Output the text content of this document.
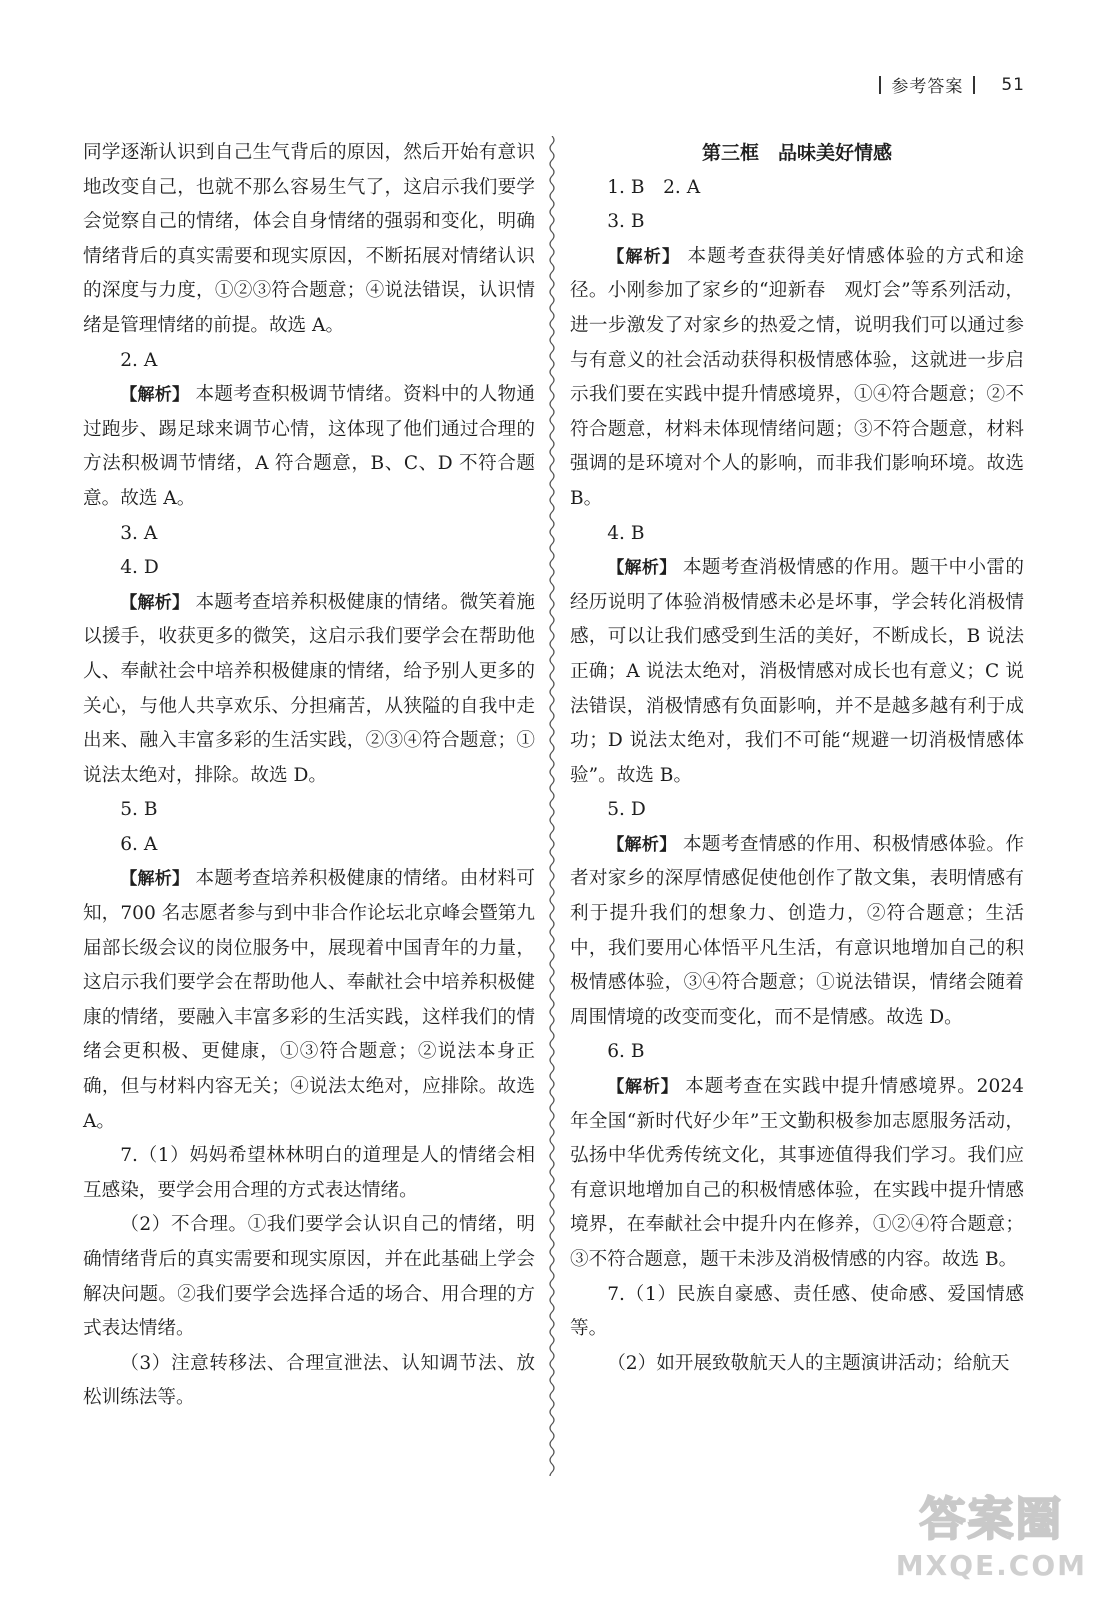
参考答案 51

同学逐渐认识到自己生气背后的原因，然后开始有意识地改变自己，也就不那么容易生气了，这启示我们要学会觉察自己的情绪，体会自身情绪的强弱和变化，明确情绪背后的真实需要和现实原因，不断拓展对情绪认识的深度与力度，①②③符合题意；④说法错误，认识情绪是管理情绪的前提。故选 A。

2. A

【解析】 本题考查积极调节情绪。资料中的人物通过跑步、踢足球来调节心情，这体现了他们通过合理的方法积极调节情绪，A 符合题意，B、C、D 不符合题意。故选 A。

3. A

4. D

【解析】 本题考查培养积极健康的情绪。微笑着施以援手，收获更多的微笑，这启示我们要学会在帮助他人、奉献社会中培养积极健康的情绪，给予别人更多的关心，与他人共享欢乐、分担痛苦，从狭隘的自我中走出来、融入丰富多彩的生活实践，②③④符合题意；①说法太绝对，排除。故选 D。

5. B

6. A

【解析】 本题考查培养积极健康的情绪。由材料可知，700 名志愿者参与到中非合作论坛北京峰会暨第九届部长级会议的岗位服务中，展现着中国青年的力量，这启示我们要学会在帮助他人、奉献社会中培养积极健康的情绪，要融入丰富多彩的生活实践，这样我们的情绪会更积极、更健康，①③符合题意；②说法本身正确，但与材料内容无关；④说法太绝对，应排除。故选 A。

7.（1）妈妈希望林林明白的道理是人的情绪会相互感染，要学会用合理的方式表达情绪。

（2）不合理。①我们要学会认识自己的情绪，明确情绪背后的真实需要和现实原因，并在此基础上学会解决问题。②我们要学会选择合适的场合、用合理的方式表达情绪。

（3）注意转移法、合理宣泄法、认知调节法、放松训练法等。

第三框　品味美好情感

1. B　2. A

3. B

【解析】 本题考查获得美好情感体验的方式和途径。小刚参加了家乡的“迎新春　观灯会”等系列活动，进一步激发了对家乡的热爱之情，说明我们可以通过参与有意义的社会活动获得积极情感体验，这就进一步启示我们要在实践中提升情感境界，①④符合题意；②不符合题意，材料未体现情绪问题；③不符合题意，材料强调的是环境对个人的影响，而非我们影响环境。故选 B。

4. B

【解析】 本题考查消极情感的作用。题干中小雷的经历说明了体验消极情感未必是坏事，学会转化消极情感，可以让我们感受到生活的美好，不断成长，B 说法正确；A 说法太绝对，消极情感对成长也有意义；C 说法错误，消极情感有负面影响，并不是越多越有利于成功；D 说法太绝对，我们不可能“规避一切消极情感体验”。故选 B。

5. D

【解析】 本题考查情感的作用、积极情感体验。作者对家乡的深厚情感促使他创作了散文集，表明情感有利于提升我们的想象力、创造力，②符合题意；生活中，我们要用心体悟平凡生活，有意识地增加自己的积极情感体验，③④符合题意；①说法错误，情绪会随着周围情境的改变而变化，而不是情感。故选 D。

6. B

【解析】 本题考查在实践中提升情感境界。2024 年全国“新时代好少年”王文勤积极参加志愿服务活动，弘扬中华优秀传统文化，其事迹值得我们学习。我们应有意识地增加自己的积极情感体验，在实践中提升情感境界，在奉献社会中提升内在修养，①②④符合题意；③不符合题意，题干未涉及消极情感的内容。故选 B。

7.（1）民族自豪感、责任感、使命感、爱国情感等。

（2）如开展致敬航天人的主题演讲活动；给航天

答案圈
MXQE.COM
